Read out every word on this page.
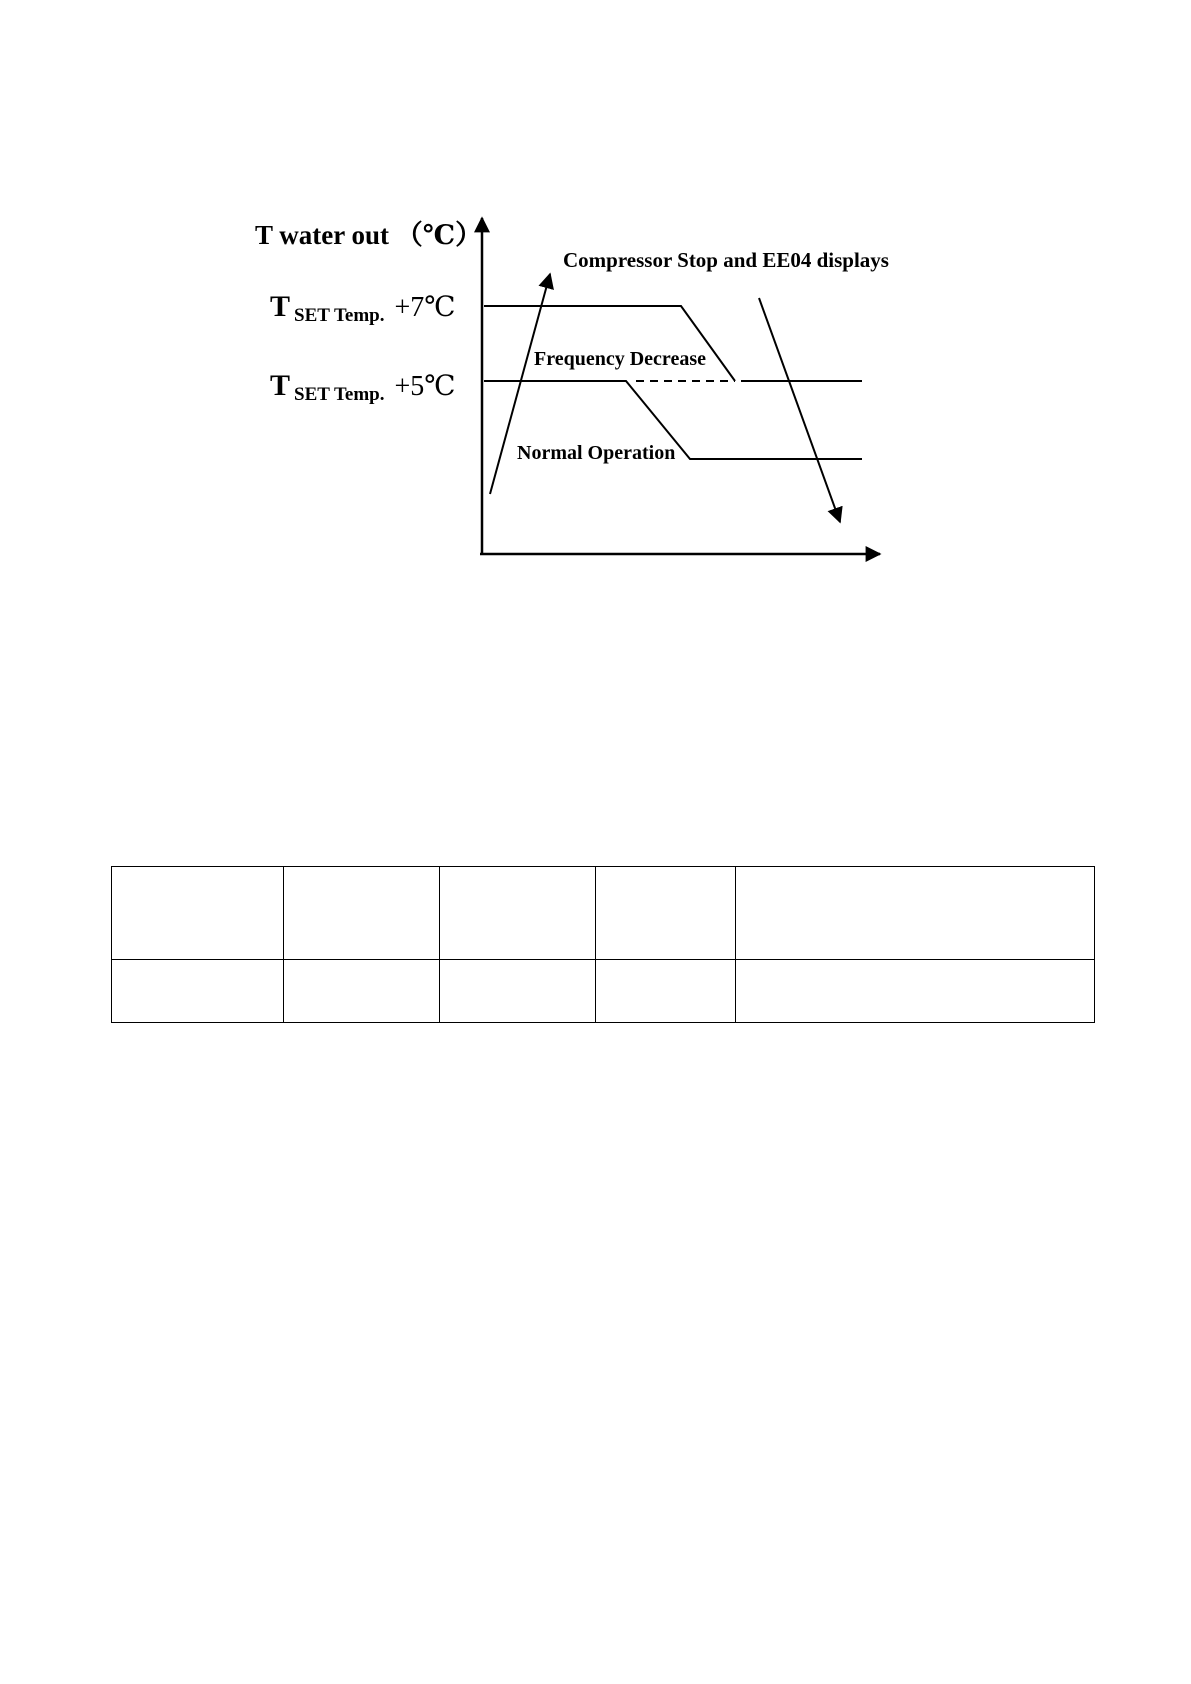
T water out （℃）
T SET Temp. +7℃
T SET Temp. +5℃
Compressor Stop and EE04 displays
Frequency Decrease
Normal Operation
